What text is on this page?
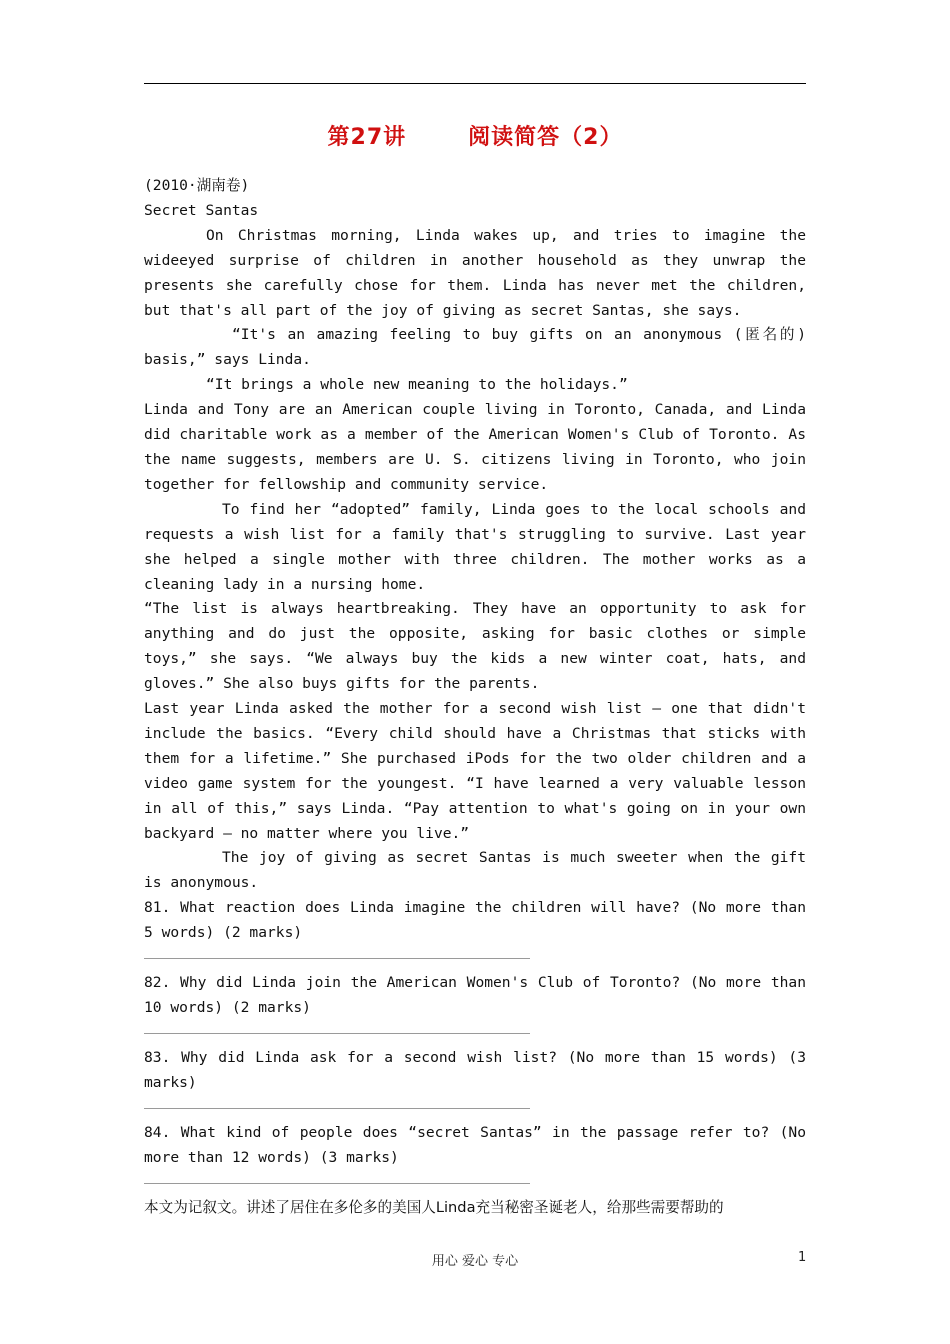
第27讲	阅读简答（2）

(2010·湖南卷)

Secret Santas

On Christmas morning, Linda wakes up, and tries to imagine the wideeyed surprise of children in another household as they unwrap the presents she carefully chose for them. Linda has never met the children, but that's all part of the joy of giving as secret Santas, she says.

“It's an amazing feeling to buy gifts on an anonymous (匿名的) basis,” says Linda.

“It brings a whole new meaning to the holidays.”

Linda and Tony are an American couple living in Toronto, Canada, and Linda did charitable work as a member of the American Women's Club of Toronto. As the name suggests, members are U. S. citizens living in Toronto, who join together for fellowship and community service.

To find her “adopted” family, Linda goes to the local schools and requests a wish list for a family that's struggling to survive. Last year she helped a single mother with three children. The mother works as a cleaning lady in a nursing home.

“The list is always heartbreaking. They have an opportunity to ask for anything and do just the opposite, asking for basic clothes or simple toys,” she says. “We always buy the kids a new winter coat, hats, and gloves.” She also buys gifts for the parents.

Last year Linda asked the mother for a second wish list — one that didn't include the basics. “Every child should have a Christmas that sticks with them for a lifetime.” She purchased iPods for the two older children and a video game system for the youngest. “I have learned a very valuable lesson in all of this,” says Linda. “Pay attention to what's going on in your own backyard — no matter where you live.”

The joy of giving as secret Santas is much sweeter when the gift is anonymous.

81. What reaction does Linda imagine the children will have? (No more than 5 words) (2 marks)

82. Why did Linda join the American Women's Club of Toronto? (No more than 10 words) (2 marks)

83. Why did Linda ask for a second wish list? (No more than 15 words) (3 marks)

84. What kind of people does “secret Santas” in the passage refer to? (No more than 12 words) (3 marks)

本文为记叙文。讲述了居住在多伦多的美国人Linda充当秘密圣诞老人，给那些需要帮助的

用心 爱心 专心	1
